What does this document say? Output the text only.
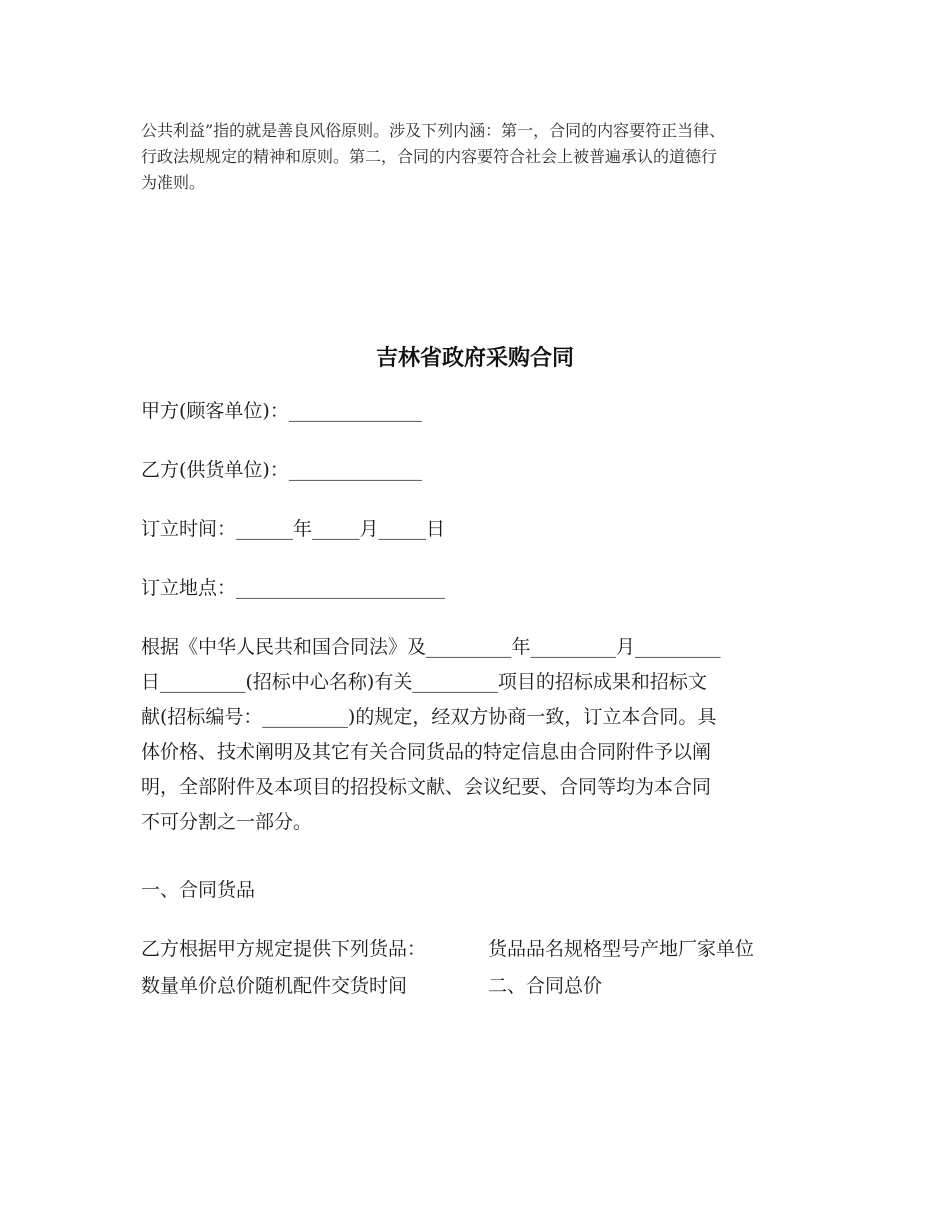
公共利益”指的就是善良风俗原则。涉及下列内涵：第一，合同的内容要符正当律、
行政法规规定的精神和原则。第二，合同的内容要符合社会上被普遍承认的道德行
为准则。

吉林省政府采购合同

甲方(顾客单位)：______________

乙方(供货单位)：______________

订立时间：______年_____月_____日

订立地点：______________________

根据《中华人民共和国合同法》及_________年_________月_________
日_________(招标中心名称)有关_________项目的招标成果和招标文
献(招标编号：_________)的规定，经双方协商一致，订立本合同。具
体价格、技术阐明及其它有关合同货品的特定信息由合同附件予以阐
明，全部附件及本项目的招投标文献、会议纪要、合同等均为本合同
不可分割之一部分。

一、合同货品

乙方根据甲方规定提供下列货品：	货品品名规格型号产地厂家单位
数量单价总价随机配件交货时间	二、合同总价
